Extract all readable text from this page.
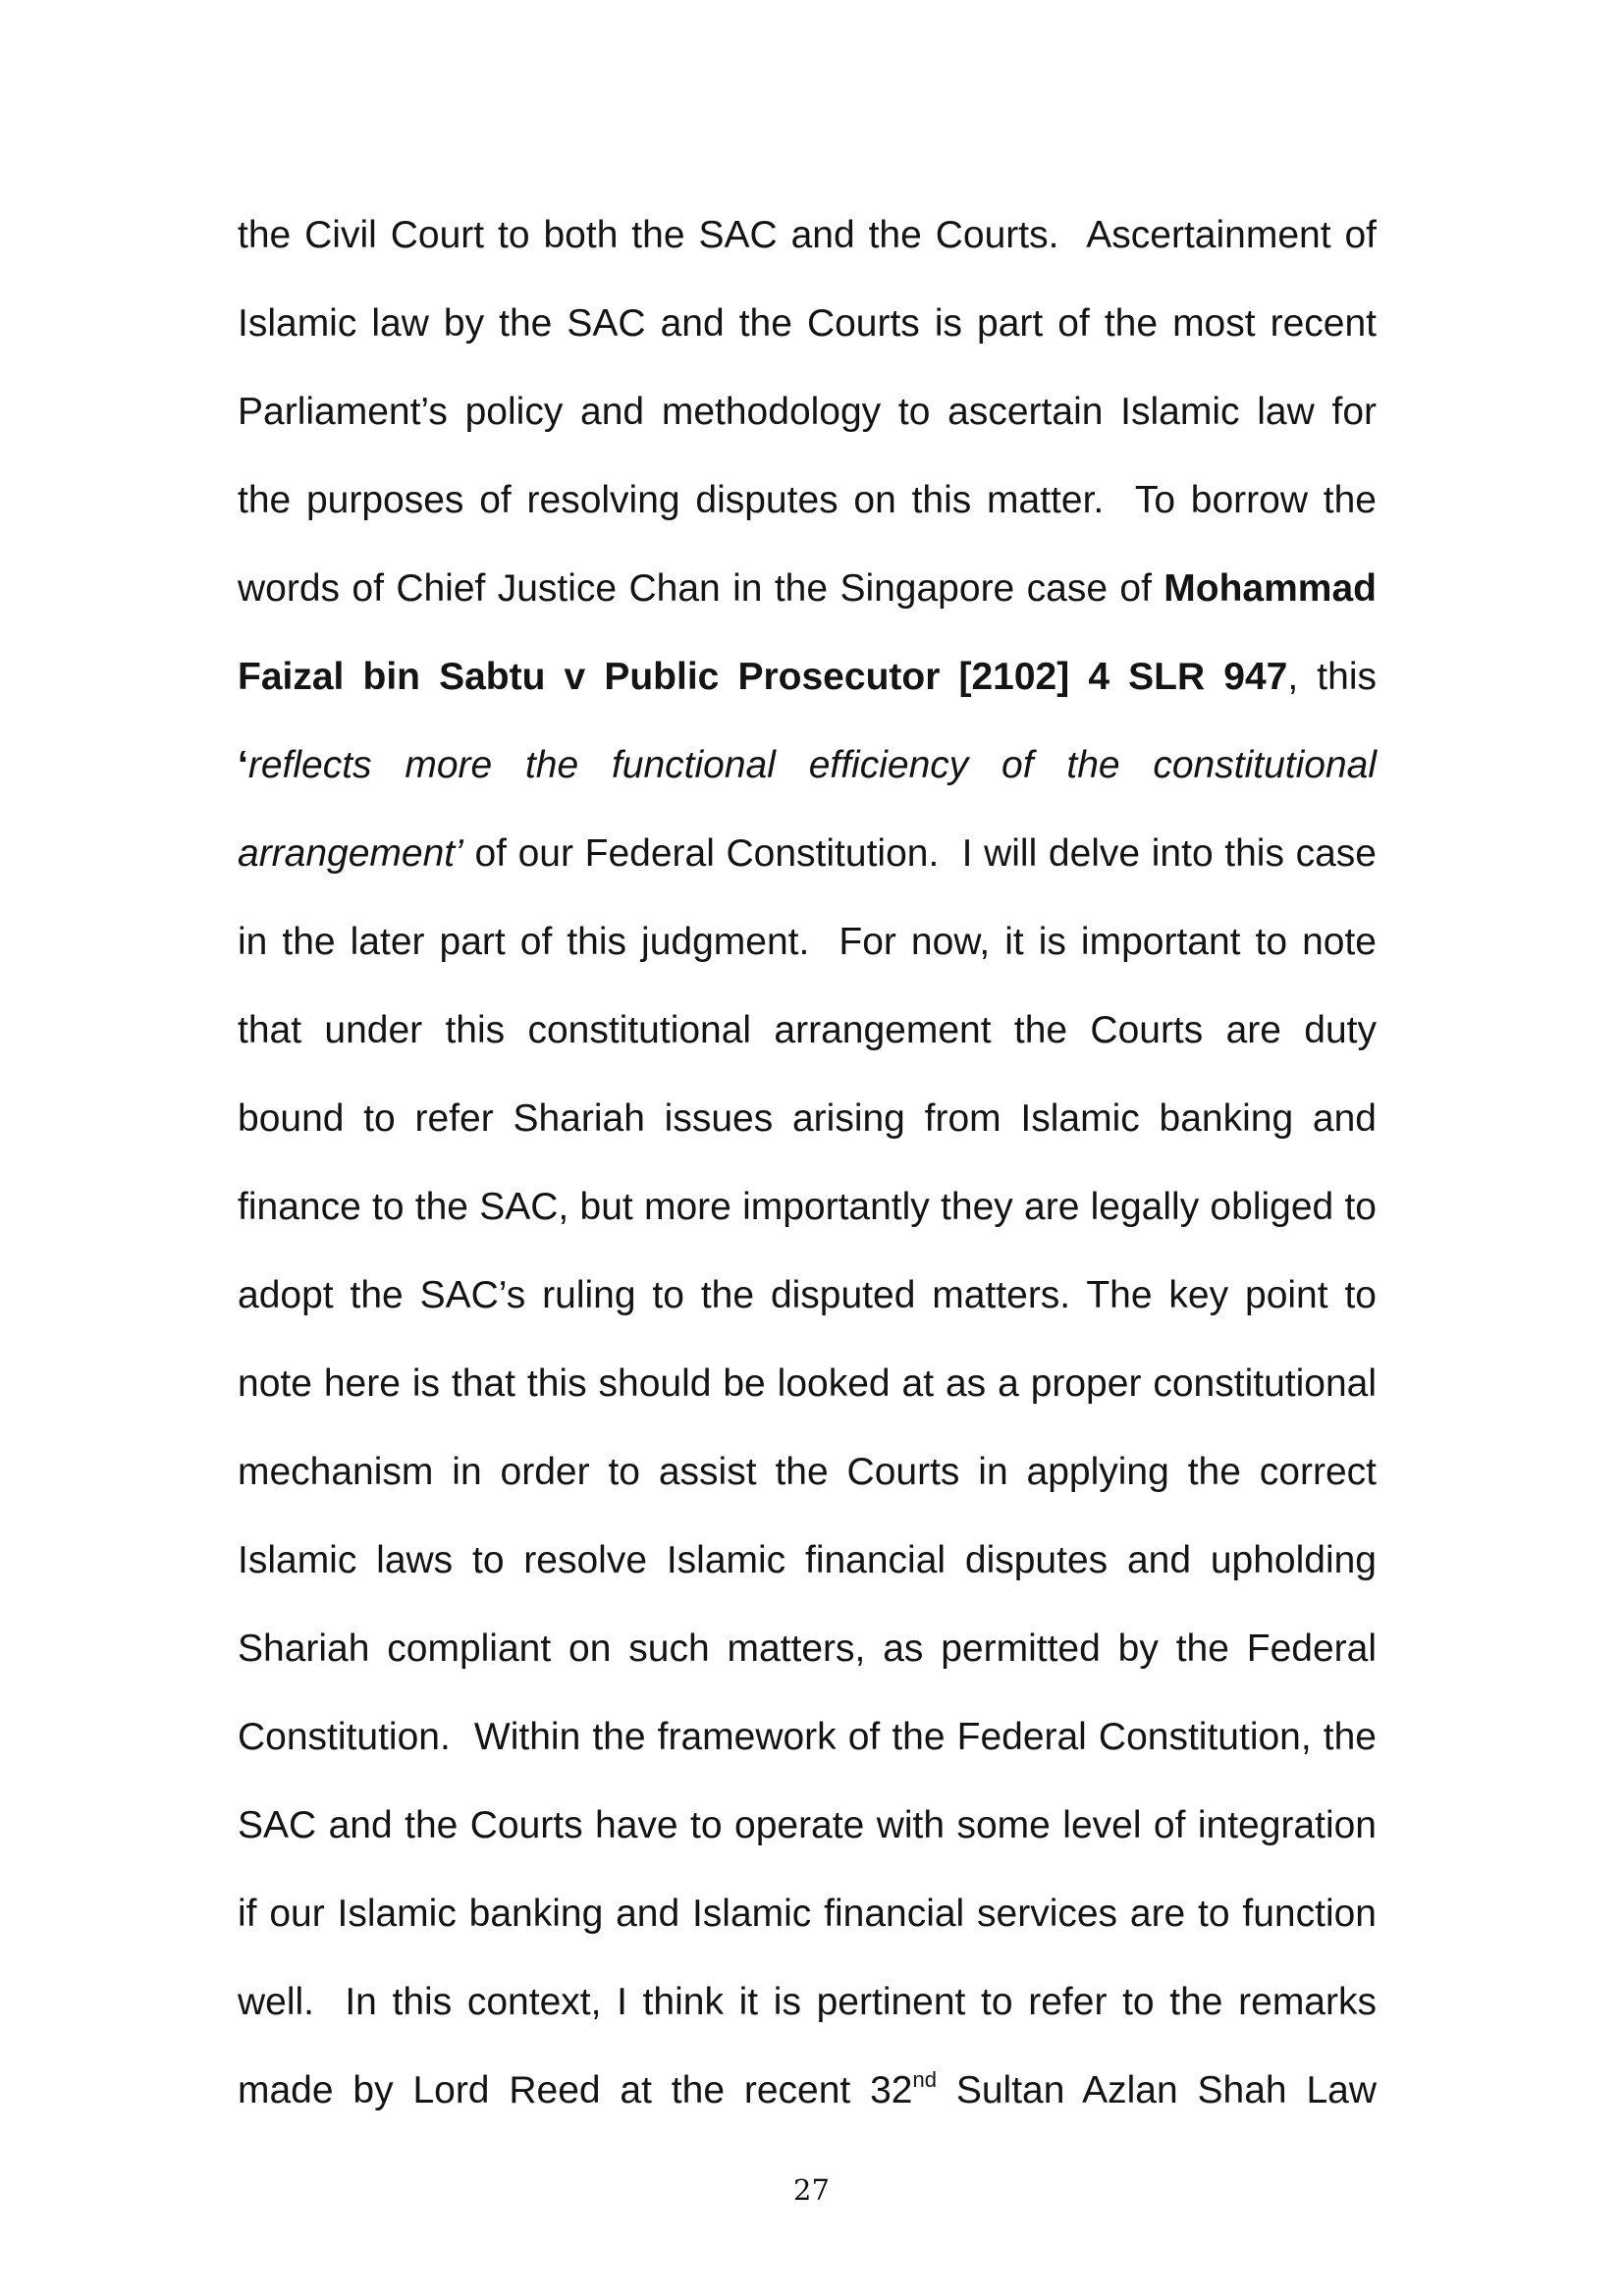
the Civil Court to both the SAC and the Courts.  Ascertainment of
Islamic law by the SAC and the Courts is part of the most recent
Parliament’s policy and methodology to ascertain Islamic law for
the purposes of resolving disputes on this matter.  To borrow the
words of Chief Justice Chan in the Singapore case of Mohammad
Faizal bin Sabtu v Public Prosecutor [2102] 4 SLR 947, this
‘reflects more the functional efficiency of the constitutional
arrangement’ of our Federal Constitution.  I will delve into this case
in the later part of this judgment.  For now, it is important to note
that under this constitutional arrangement the Courts are duty
bound to refer Shariah issues arising from Islamic banking and
finance to the SAC, but more importantly they are legally obliged to
adopt the SAC’s ruling to the disputed matters. The key point to
note here is that this should be looked at as a proper constitutional
mechanism in order to assist the Courts in applying the correct
Islamic laws to resolve Islamic financial disputes and upholding
Shariah compliant on such matters, as permitted by the Federal
Constitution.  Within the framework of the Federal Constitution, the
SAC and the Courts have to operate with some level of integration
if our Islamic banking and Islamic financial services are to function
well.  In this context, I think it is pertinent to refer to the remarks
made by Lord Reed at the recent 32nd Sultan Azlan Shah Law
27
